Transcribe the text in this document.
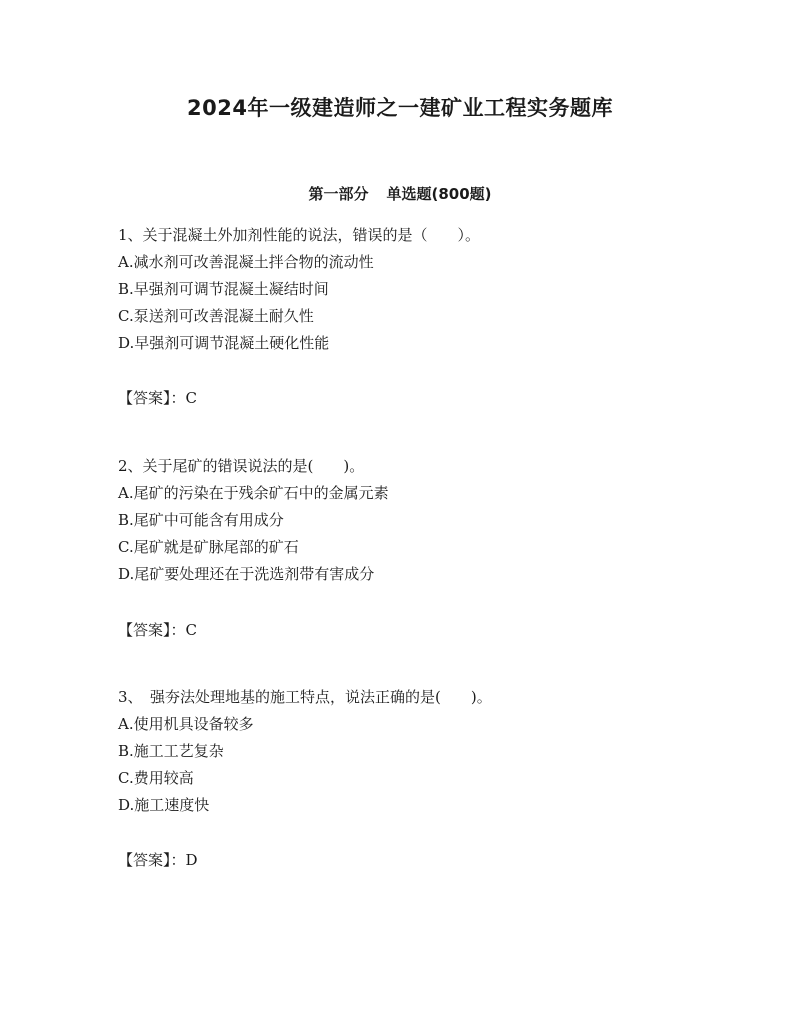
2024年一级建造师之一建矿业工程实务题库
第一部分 单选题(800题)
1、关于混凝土外加剂性能的说法，错误的是（　　）。
A.减水剂可改善混凝土拌合物的流动性
B.早强剂可调节混凝土凝结时间
C.泵送剂可改善混凝土耐久性
D.早强剂可调节混凝土硬化性能
【答案】：C
2、关于尾矿的错误说法的是(　　)。
A.尾矿的污染在于残余矿石中的金属元素
B.尾矿中可能含有用成分
C.尾矿就是矿脉尾部的矿石
D.尾矿要处理还在于洗选剂带有害成分
【答案】：C
3、　强夯法处理地基的施工特点，说法正确的是(　　)。
A.使用机具设备较多
B.施工工艺复杂
C.费用较高
D.施工速度快
【答案】：D
